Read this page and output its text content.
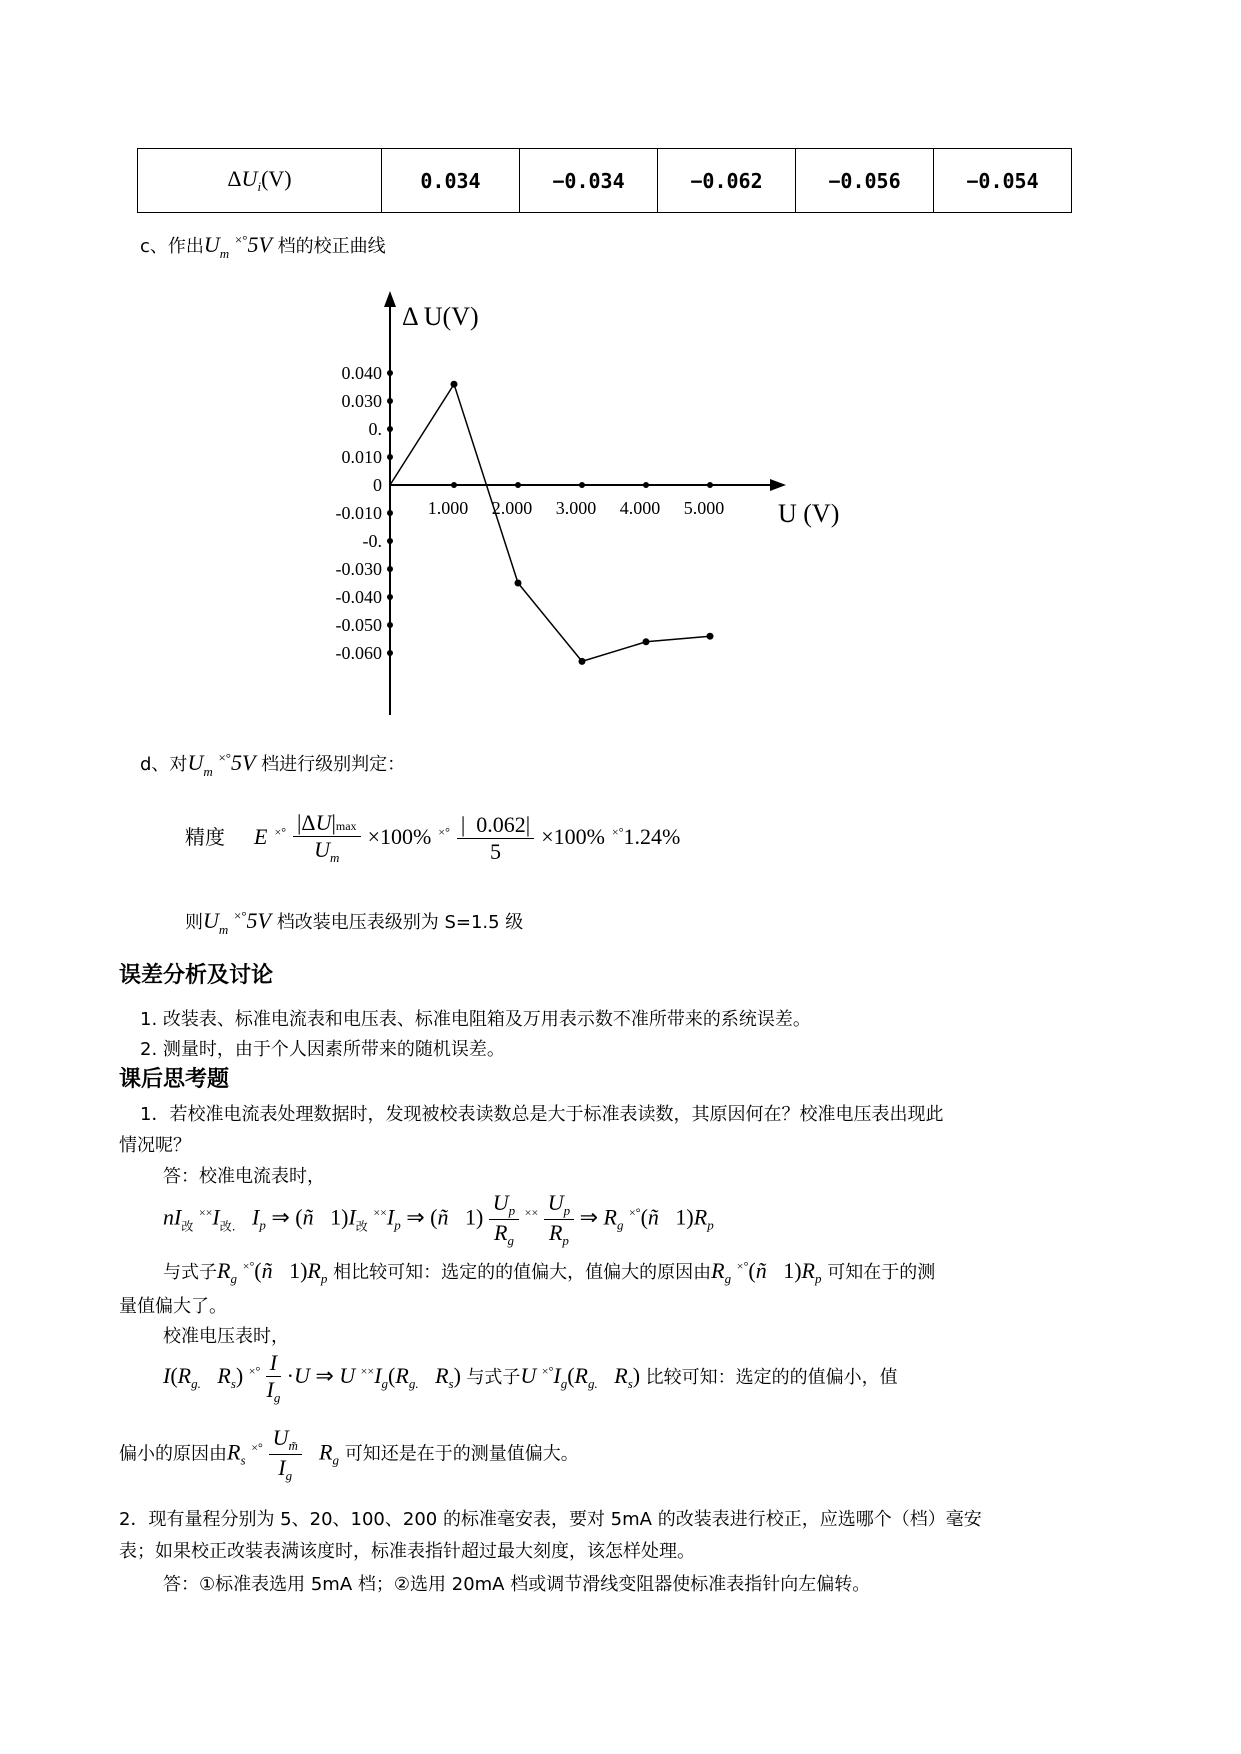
$\Delta U_i(V)$	0.034	−0.034	−0.062	−0.056	−0.054
c、作出$U_m$ ×°5V 档的校正曲线
Δ U(V)
U (V)
0.040
0.030
0.
0.010
0
-0.010
-0.
-0.030
-0.040
-0.050
-0.060
1.000 2.000 3.000 4.000 5.000
d、对$U_m$ ×°5V 档进行级别判定：
精度 E $^{\times^\circ} \frac{|\Delta U|\max}{U_m} \times 100\%$ $^{\times^\circ} \frac{| 0.062|}{5} \times 100\%$ ×°1.24%
则$U_m$ ×°5V 档改装电压表级别为 S=1.5 级
误差分析及讨论
1. 改装表、标准电流表和电压表、标准电阻箱及万用表示数不准所带来的系统误差。
2. 测量时，由于个人因素所带来的随机误差。
课后思考题
1．若校准电流表处理数据时，发现被校表读数总是大于标准表读数，其原因何在？校准电压表出现此
情况呢？
答：校准电流表时，
$nI_改$ $^{\times\times}I_{改.}$ $I_p$ ⇒ (ñ   $1)I_改$ $^{\times\times}I_p$ ⇒ (ñ   $1) \frac{U_p}{R_g} ^{\times\times} \frac{U_p}{R_p}$ ⇒ $R_g$ ×°(ñ   $1)R_p$
与式子$R_g$ ×°(ñ   $1)R_p$ 相比较可知：选定的的值偏大，值偏大的原因由$R_g$ ×°(ñ   $1)R_p$ 可知在于的测
量值偏大了。
校准电压表时，
$I(R_{g.}$ $R_s$) $^{\times^\circ} \frac{I}{I_g} \cdot U$ ⇒ U $^{\times\times}I_g(R_{g.}$ $R_s$) 与式子U $^{\times^\circ}I_g(R_{g.}$ $R_s$) 比较可知：选定的的值偏小，值
偏小的原因由$R_s$ $^{\times^\circ} \frac{U_{m̃}}{I_g} R_g$ 可知还是在于的测量值偏大。
2．现有量程分别为 5、20、100、200 的标准毫安表，要对 5mA 的改装表进行校正，应选哪个（档）毫安
表；如果校正改装表满该度时，标准表指针超过最大刻度，该怎样处理。
答：①标准表选用 5mA 档；②选用 20mA 档或调节滑线变阻器使标准表指针向左偏转。
